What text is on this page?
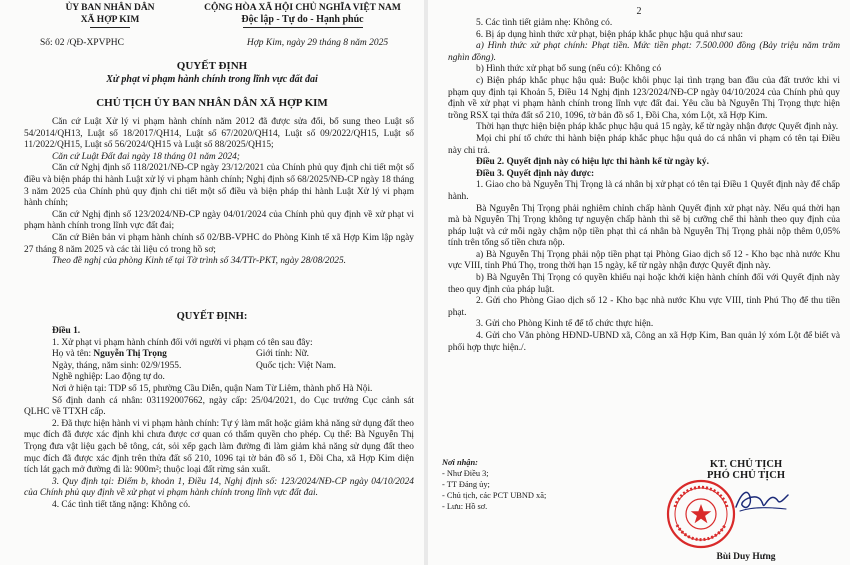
ỦY BAN NHÂN DÂN
XÃ HỢP KIM
CỘNG HÒA XÃ HỘI CHỦ NGHĨA VIỆT NAM
Độc lập - Tự do - Hạnh phúc
Số: 02 /QĐ-XPVPHC	Hợp Kim, ngày 29 tháng 8 năm 2025
QUYẾT ĐỊNH
Xử phạt vi phạm hành chính trong lĩnh vực đất đai
CHỦ TỊCH ỦY BAN NHÂN DÂN XÃ HỢP KIM

Căn cứ Luật Xử lý vi phạm hành chính năm 2012 đã được sửa đổi, bổ sung theo Luật số 54/2014/QH13, Luật số 18/2017/QH14, Luật số 67/2020/QH14, Luật số 09/2022/QH15, Luật số 11/2022/QH15, Luật số 56/2024/QH15 và Luật số 88/2025/QH15;

Căn cứ Luật Đất đai ngày 18 tháng 01 năm 2024;

Căn cứ Nghị định số 118/2021/NĐ-CP ngày 23/12/2021 của Chính phủ quy định chi tiết một số điều và biện pháp thi hành Luật xử lý vi phạm hành chính; Nghị định số 68/2025/NĐ-CP ngày 18 tháng 3 năm 2025 của Chính phủ quy định chi tiết một số điều và biện pháp thi hành Luật Xử lý vi phạm hành chính;

Căn cứ Nghị định số 123/2024/NĐ-CP ngày 04/01/2024 của Chính phủ quy định về xử phạt vi phạm hành chính trong lĩnh vực đất đai;

Căn cứ Biên bản vi phạm hành chính số 02/BB-VPHC do Phòng Kinh tế xã Hợp Kim lập ngày 27 tháng 8 năm 2025 và các tài liệu có trong hồ sơ;

Theo đề nghị của phòng Kinh tế tại Tờ trình số 34/TTr-PKT, ngày 28/08/2025.

QUYẾT ĐỊNH:

Điều 1.

1. Xử phạt vi phạm hành chính đối với người vi phạm có tên sau đây:

Họ và tên: Nguyễn Thị Trọng	Giới tính: Nữ.
Ngày, tháng, năm sinh: 02/9/1955.	Quốc tịch: Việt Nam.

Nghề nghiệp: Lao động tự do.

Nơi ở hiện tại: TDP số 15, phường Cầu Diễn, quận Nam Từ Liêm, thành phố Hà Nội.

Số định danh cá nhân: 031192007662, ngày cấp: 25/04/2021, do Cục trưởng Cục cảnh sát QLHC về TTXH cấp.

2. Đã thực hiện hành vi vi phạm hành chính: Tự ý làm mất hoặc giảm khả năng sử dụng đất theo mục đích đã được xác định khi chưa được cơ quan có thẩm quyền cho phép. Cụ thể: Bà Nguyễn Thị Trọng đưa vật liệu gạch bê tông, cát, sỏi xếp gạch làm đường đi làm giảm khả năng sử dụng đất theo mục đích đã được xác định trên thửa đất số 210, 1096 tại tờ bản đồ số 1, Đồi Cha, xã Hợp Kim diện tích lát gạch mở đường đi là: 900m²; thuộc loại đất rừng sản xuất.

3. Quy định tại: Điểm b, khoản 1, Điều 14, Nghị định số: 123/2024/NĐ-CP ngày 04/10/2024 của Chính phủ quy định về xử phạt vi phạm hành chính trong lĩnh vực đất đai.

4. Các tình tiết tăng nặng: Không có.

2

5. Các tình tiết giảm nhẹ: Không có.

6. Bị áp dụng hình thức xử phạt, biện pháp khắc phục hậu quả như sau:

a) Hình thức xử phạt chính: Phạt tiền. Mức tiền phạt: 7.500.000 đồng (Bảy triệu năm trăm nghìn đồng).

b) Hình thức xử phạt bổ sung (nếu có): Không có

c) Biện pháp khắc phục hậu quả: Buộc khôi phục lại tình trạng ban đầu của đất trước khi vi phạm quy định tại Khoản 5, Điều 14 Nghị định 123/2024/NĐ-CP ngày 04/10/2024 của Chính phủ quy định về xử phạt vi phạm hành chính trong lĩnh vực đất đai. Yêu cầu bà Nguyễn Thị Trọng thực hiện trồng RSX tại thửa đất số 210, 1096, tờ bản đồ số 1, Đồi Cha, xóm Lột, xã Hợp Kim.

Thời hạn thực hiện biện pháp khắc phục hậu quả 15 ngày, kể từ ngày nhận được Quyết định này.

Mọi chi phí tổ chức thi hành biện pháp khắc phục hậu quả do cá nhân vi phạm có tên tại Điều này chi trả.

Điều 2. Quyết định này có hiệu lực thi hành kể từ ngày ký.

Điều 3. Quyết định này được:

1. Giao cho bà Nguyễn Thị Trọng là cá nhân bị xử phạt có tên tại Điều 1 Quyết định này để chấp hành.

Bà Nguyễn Thị Trọng phải nghiêm chỉnh chấp hành Quyết định xử phạt này. Nếu quá thời hạn mà bà Nguyễn Thị Trọng không tự nguyện chấp hành thì sẽ bị cưỡng chế thi hành theo quy định của pháp luật và cứ mỗi ngày chậm nộp tiền phạt thì cá nhân bà Nguyễn Thị Trọng phải nộp thêm 0,05% tính trên tổng số tiền chưa nộp.

a) Bà Nguyễn Thị Trọng phải nộp tiền phạt tại Phòng Giao dịch số 12 - Kho bạc nhà nước Khu vực VIII, tỉnh Phú Thọ, trong thời hạn 15 ngày, kể từ ngày nhận được Quyết định này.

b) Bà Nguyễn Thị Trọng có quyền khiếu nại hoặc khởi kiện hành chính đối với Quyết định này theo quy định của pháp luật.

2. Gửi cho Phòng Giao dịch số 12 - Kho bạc nhà nước Khu vực VIII, tỉnh Phú Thọ để thu tiền phạt.

3. Gửi cho Phòng Kinh tế để tổ chức thực hiện.

4. Gửi cho Văn phòng HĐND-UBND xã, Công an xã Hợp Kim, Ban quản lý xóm Lột để biết và phối hợp thực hiện./.

Nơi nhận:
- Như Điều 3;
- TT Đảng ủy;
- Chủ tịch, các PCT UBND xã;
- Lưu: Hồ sơ.
KT. CHỦ TỊCH
PHÓ CHỦ TỊCH
Bùi Duy Hưng
